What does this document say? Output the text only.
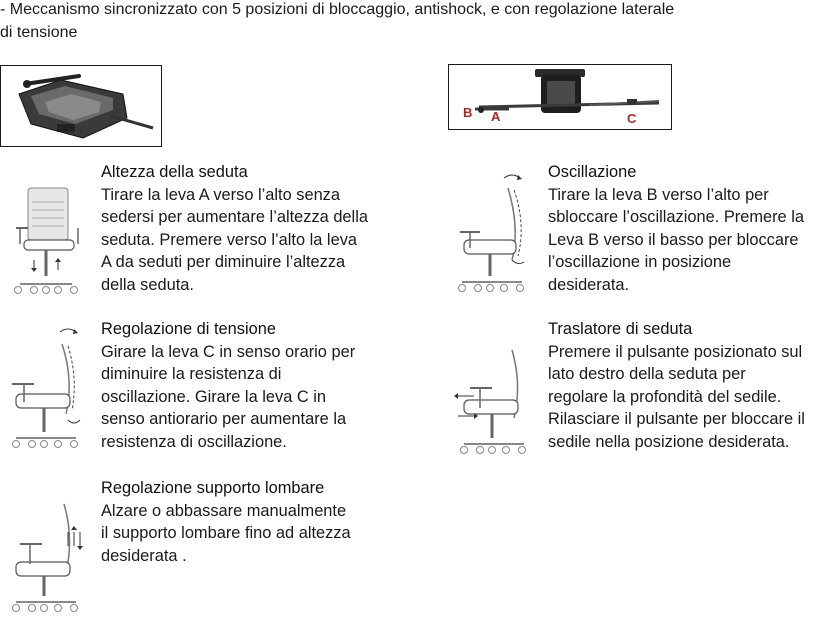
- Meccanismo sincronizzato con 5 posizioni di bloccaggio, antishock, e con regolazione laterale
di tensione
B A	C
Altezza della seduta

Tirare la leva A verso l’alto senza

sedersi per aumentare l’altezza della

seduta. Premere verso l’alto la leva

A da seduti per diminuire l’altezza

della seduta.

Oscillazione

Tirare la leva B verso l’alto per

sbloccare l’oscillazione. Premere la

Leva B verso il basso per bloccare

l’oscillazione in posizione

desiderata.

Regolazione di tensione

Girare la leva C in senso orario per

diminuire la resistenza di

oscillazione. Girare la leva C in

senso antiorario per aumentare la

resistenza di oscillazione.

Traslatore di seduta

Premere il pulsante posizionato sul

lato destro della seduta per

regolare la profondità del sedile.

Rilasciare il pulsante per bloccare il

sedile nella posizione desiderata.

Regolazione supporto lombare

Alzare o abbassare manualmente

il supporto lombare fino ad altezza

desiderata .
